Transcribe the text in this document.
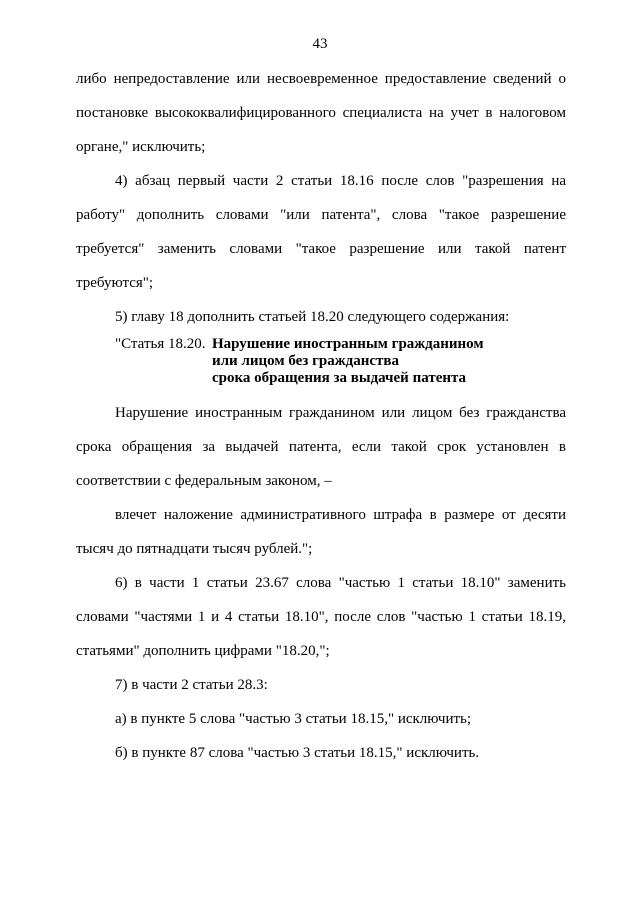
43
либо непредоставление или несвоевременное предоставление сведений о
постановке высококвалифицированного специалиста на учет в налоговом
органе," исключить;
4) абзац первый части 2 статьи 18.16 после слов "разрешения на
работу" дополнить словами "или патента", слова "такое разрешение
требуется" заменить словами "такое разрешение или такой патент
требуются";
5) главу 18 дополнить статьей 18.20 следующего содержания:
"Статья 18.20. Нарушение иностранным гражданином
или лицом без гражданства
срока обращения за выдачей патента
Нарушение иностранным гражданином или лицом без гражданства
срока обращения за выдачей патента, если такой срок установлен в
соответствии с федеральным законом, –
влечет наложение административного штрафа в размере от десяти
тысяч до пятнадцати тысяч рублей.";
6) в части 1 статьи 23.67 слова "частью 1 статьи 18.10" заменить
словами "частями 1 и 4 статьи 18.10", после слов "частью 1 статьи 18.19,
статьями" дополнить цифрами "18.20,";
7) в части 2 статьи 28.3:
а) в пункте 5 слова "частью 3 статьи 18.15," исключить;
б) в пункте 87 слова "частью 3 статьи 18.15," исключить.
